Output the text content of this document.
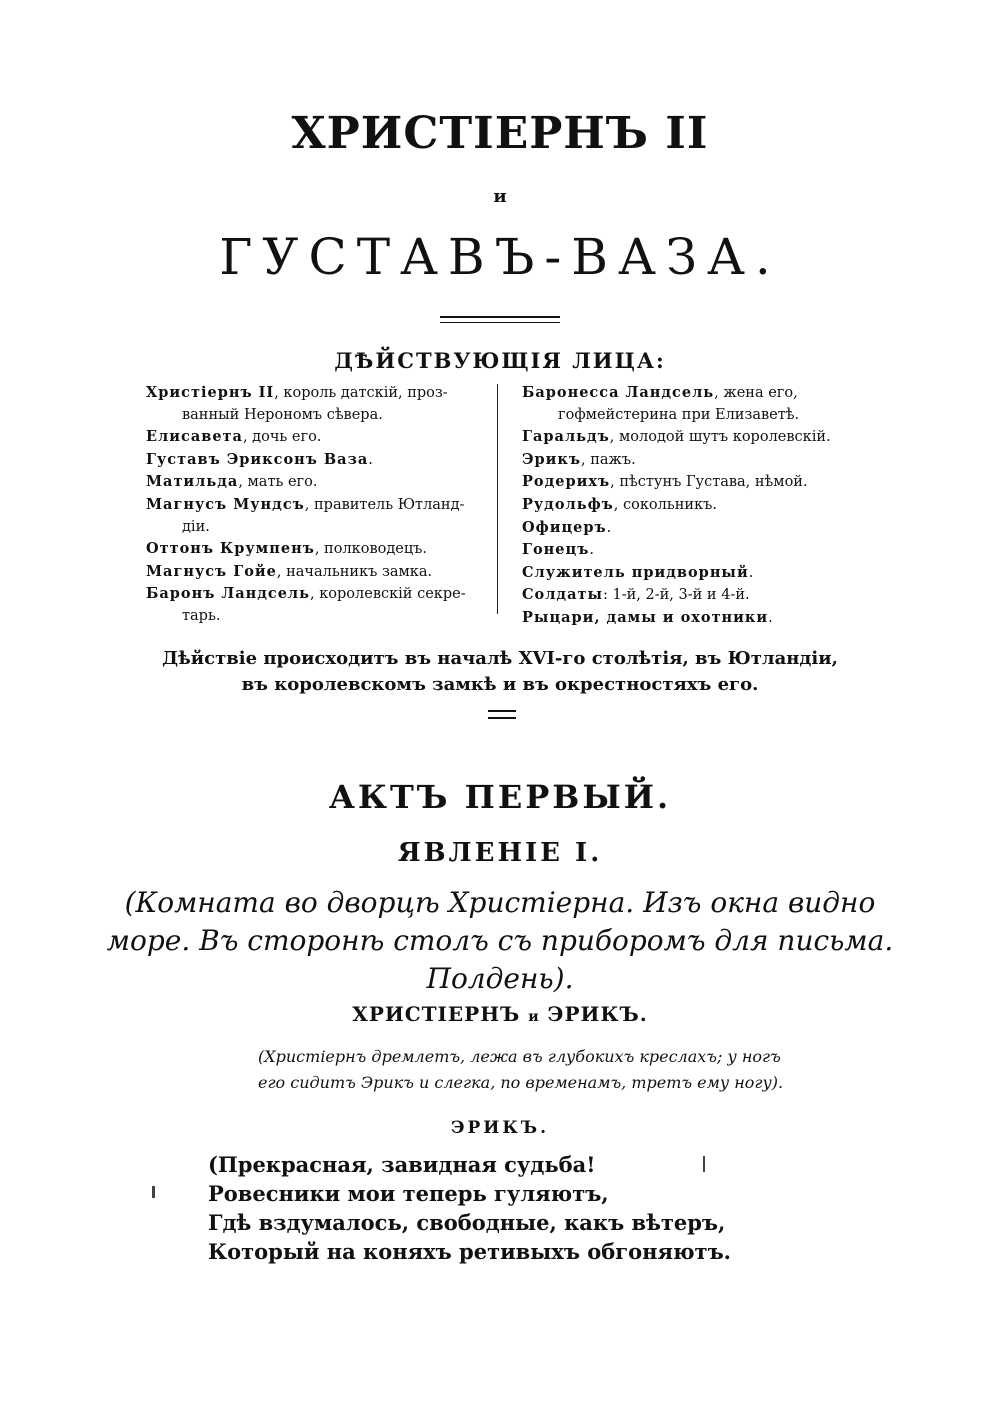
ХРИСТІЕРНЪ II
и
ГУСТАВЪ-ВАЗА.
ДѢЙСТВУЮЩІЯ ЛИЦА:
Христіернъ II, король датскій, проз-
ванный Нерономъ сѣвера.
Елисавета, дочь его.
Густавъ Эриксонъ Ваза.
Матильда, мать его.
Магнусъ Мундсъ, правитель Ютланд-
діи.
Оттонъ Крумпенъ, полководецъ.
Магнусъ Гойе, начальникъ замка.
Баронъ Ландсель, королевскій секре-
тарь.
Баронесса Ландсель, жена его,
гофмейстерина при Елизаветѣ.
Гаральдъ, молодой шутъ королевскій.
Эрикъ, пажъ.
Родерихъ, пѣстунъ Густава, нѣмой.
Рудольфъ, сокольникъ.
Офицеръ.
Гонецъ.
Служитель придворный.
Солдаты: 1-й, 2-й, 3-й и 4-й.
Рыцари, дамы и охотники.
Дѣйствіе происходитъ въ началѣ XVI-го столѣтія, въ Ютландіи,
въ королевскомъ замкѣ и въ окрестностяхъ его.
АКТЪ ПЕРВЫЙ.
ЯВЛЕНІЕ I.
(Комната во дворцѣ Христіерна. Изъ окна видно
море. Въ сторонѣ столъ съ приборомъ для письма.
Полдень).
ХРИСТІЕРНЪ и ЭРИКЪ.
(Христіернъ дремлетъ, лежа въ глубокихъ креслахъ; у ногъ
его сидитъ Эрикъ и слегка, по временамъ, третъ ему ногу).
ЭРИКЪ.
(Прекрасная, завидная судьба!
Ровесники мои теперь гуляютъ,
Гдѣ вздумалось, свободные, какъ вѣтеръ,
Который на коняхъ ретивыхъ обгоняютъ.
